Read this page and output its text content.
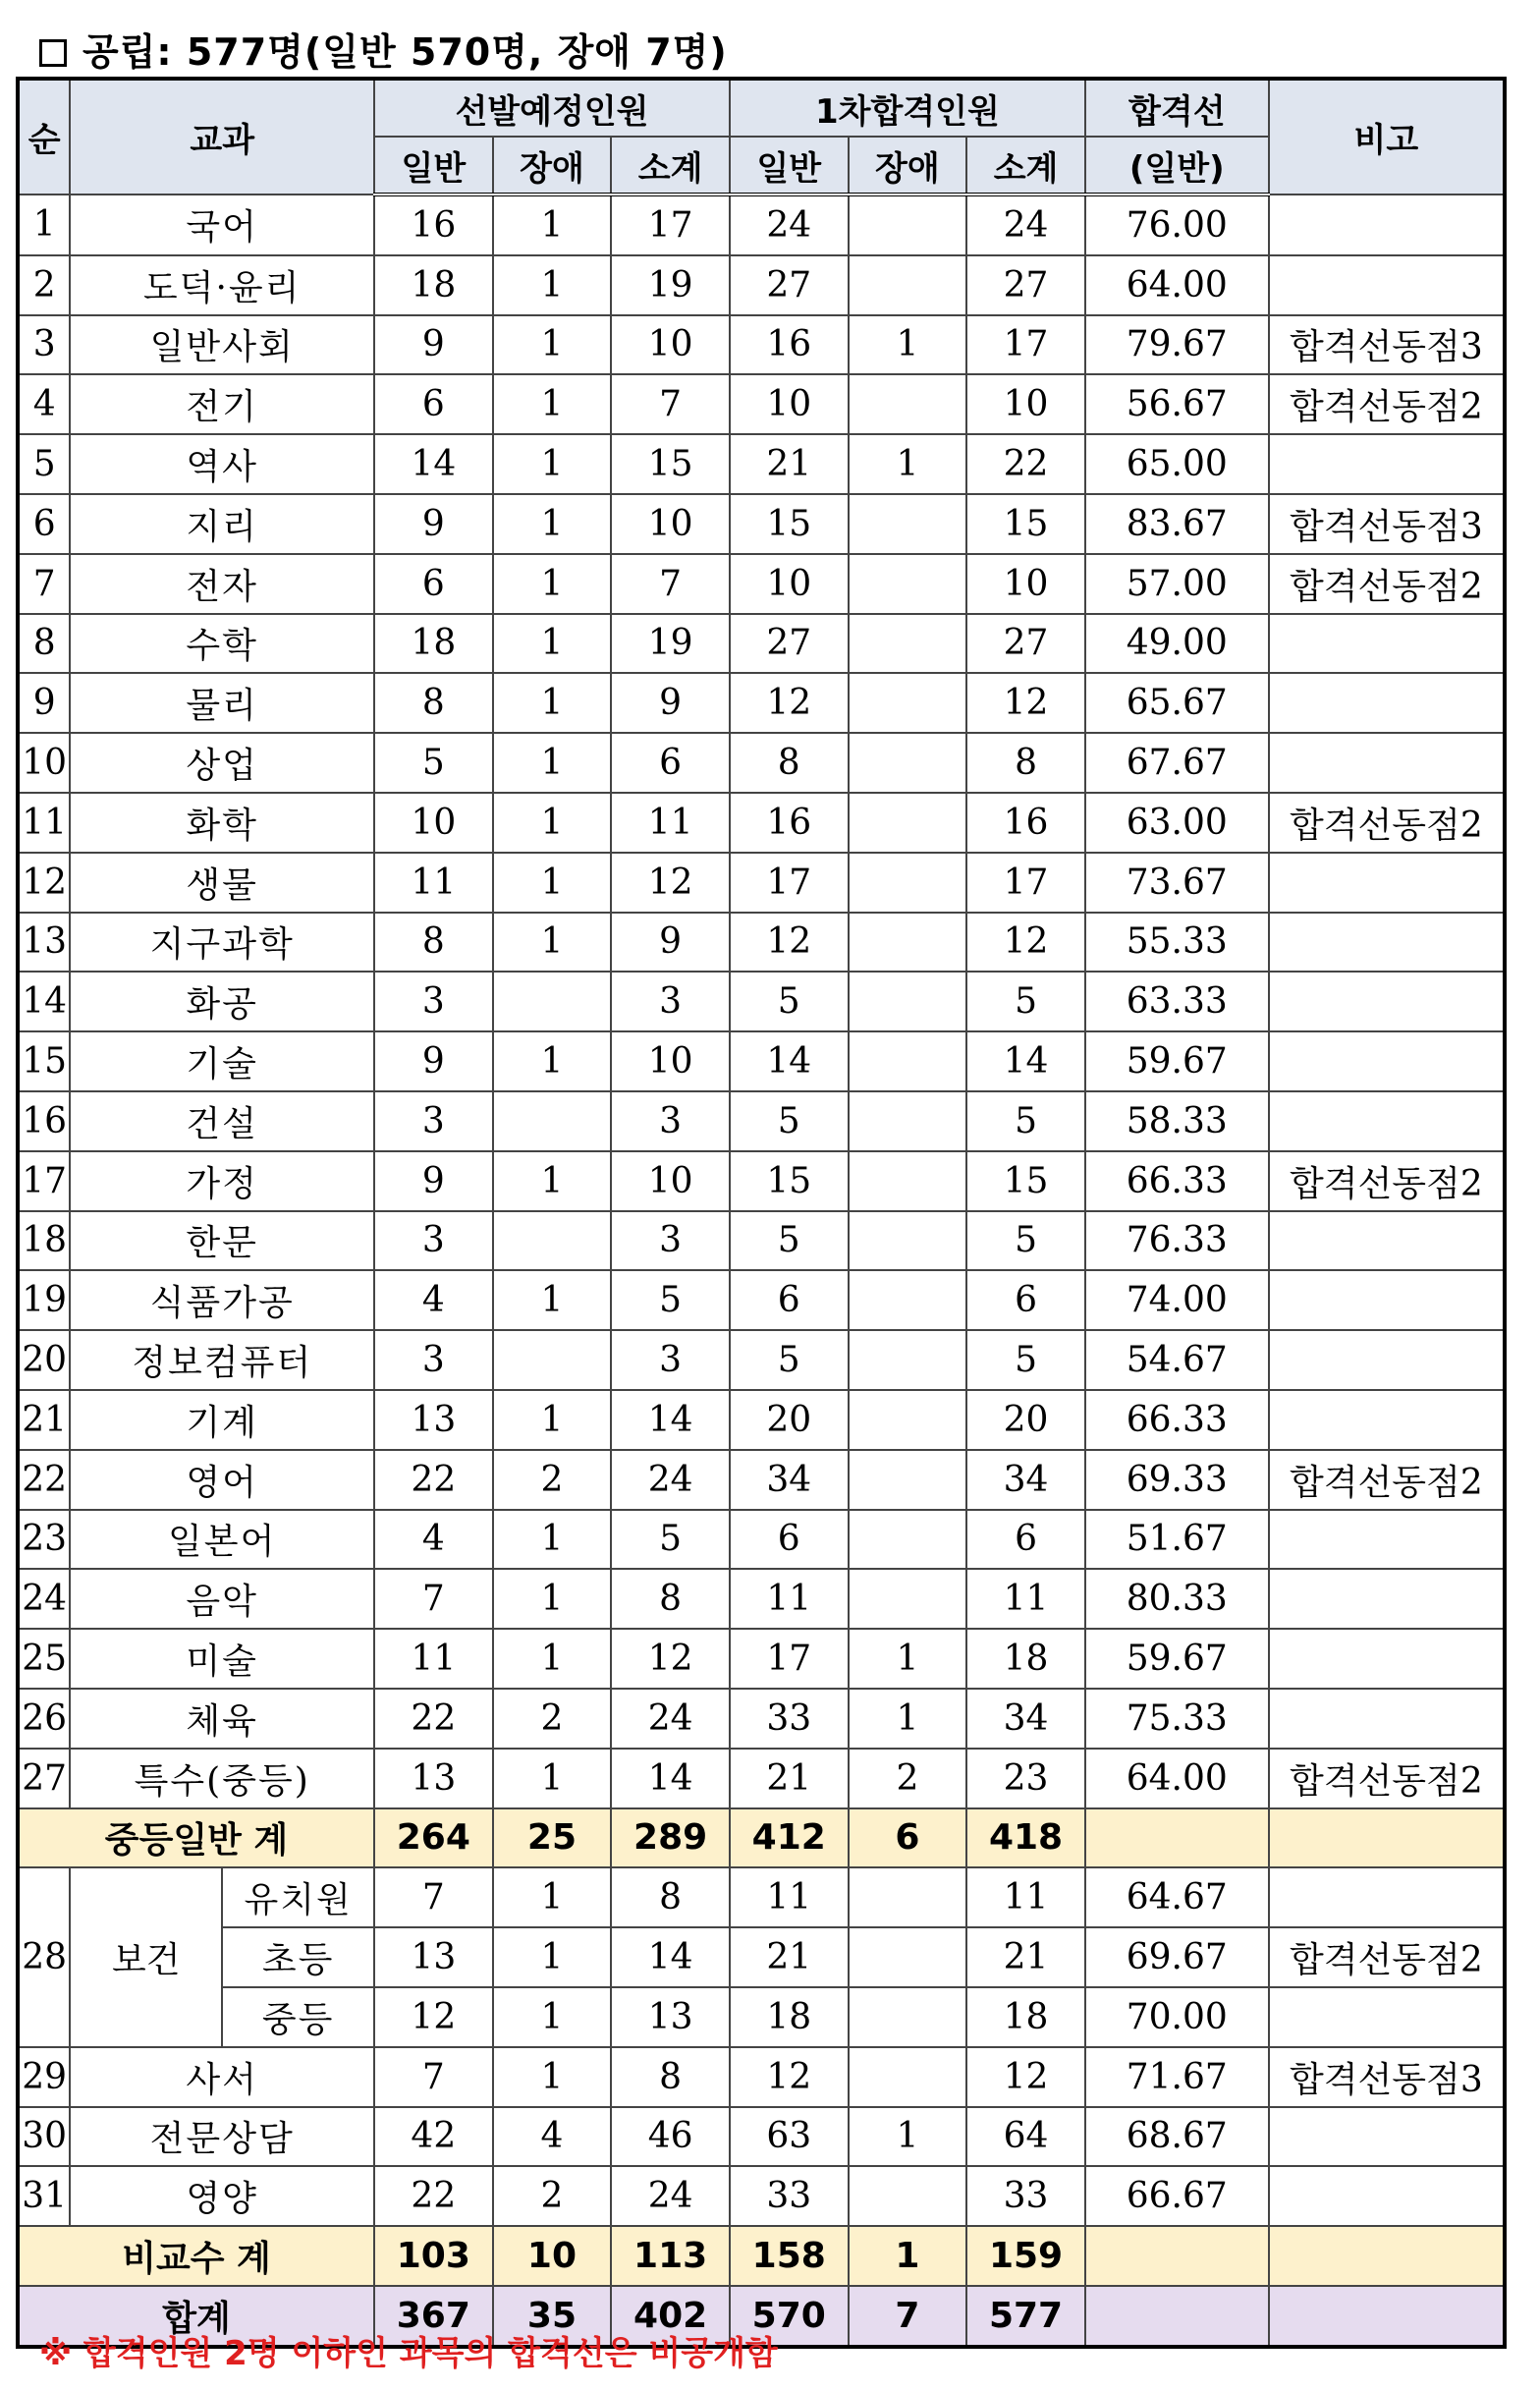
공립: 577명(일반 570명, 장애 7명)
순	교과		선발예정인원			1차합격인원			합격선	비고
			일반	장애	소계	일반	장애	소계	(일반)	
1	국어		16	1	17	24		24	76.00	
2	도덕·윤리		18	1	19	27		27	64.00	
3	일반사회		9	1	10	16	1	17	79.67	합격선동점3
4	전기		6	1	7	10		10	56.67	합격선동점2
5	역사		14	1	15	21	1	22	65.00	
6	지리		9	1	10	15		15	83.67	합격선동점3
7	전자		6	1	7	10		10	57.00	합격선동점2
8	수학		18	1	19	27		27	49.00	
9	물리		8	1	9	12		12	65.67	
10	상업		5	1	6	8		8	67.67	
11	화학		10	1	11	16		16	63.00	합격선동점2
12	생물		11	1	12	17		17	73.67	
13	지구과학		8	1	9	12		12	55.33	
14	화공		3		3	5		5	63.33	
15	기술		9	1	10	14		14	59.67	
16	건설		3		3	5		5	58.33	
17	가정		9	1	10	15		15	66.33	합격선동점2
18	한문		3		3	5		5	76.33	
19	식품가공		4	1	5	6		6	74.00	
20	정보컴퓨터		3		3	5		5	54.67	
21	기계		13	1	14	20		20	66.33	
22	영어		22	2	24	34		34	69.33	합격선동점2
23	일본어		4	1	5	6		6	51.67	
24	음악		7	1	8	11		11	80.33	
25	미술		11	1	12	17	1	18	59.67	
26	체육		22	2	24	33	1	34	75.33	
27	특수(중등)		13	1	14	21	2	23	64.00	합격선동점2
중등일반 계			264	25	289	412	6	418		
28	보건	유치원	7	1	8	11		11	64.67	
		초등	13	1	14	21		21	69.67	합격선동점2
		중등	12	1	13	18		18	70.00	
29	사서		7	1	8	12		12	71.67	합격선동점3
30	전문상담		42	4	46	63	1	64	68.67	
31	영양		22	2	24	33		33	66.67	
비교수 계			103	10	113	158	1	159		
합계			367	35	402	570	7	577		
※ 합격인원 2명 이하인 과목의 합격선은 비공개함
